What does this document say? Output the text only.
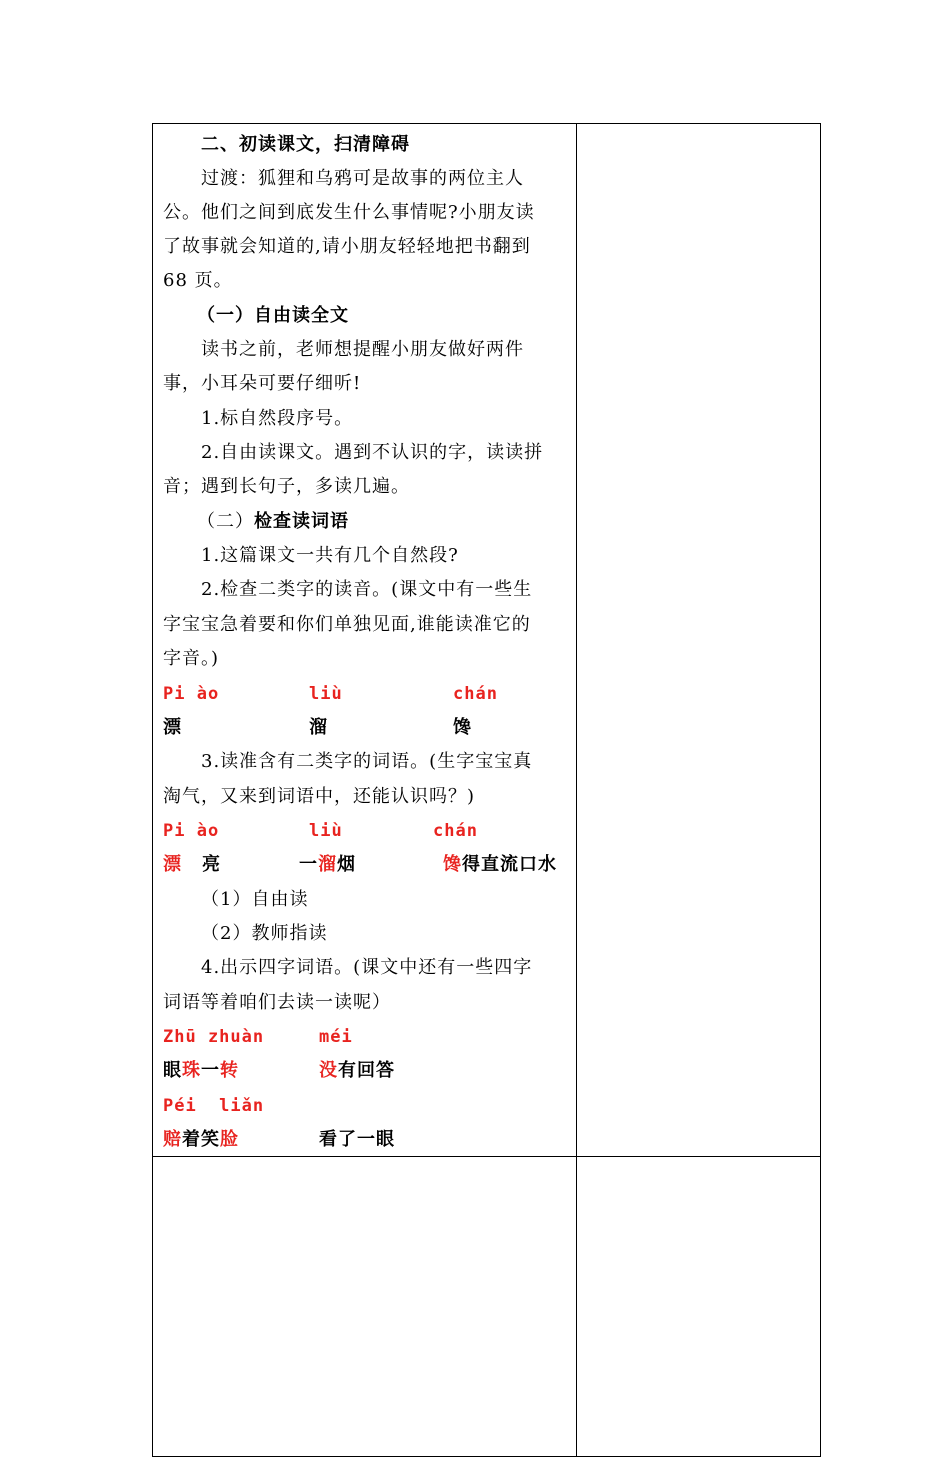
二、初读课文，扫清障碍
过渡：狐狸和乌鸦可是故事的两位主人
公。他们之间到底发生什么事情呢?小朋友读
了故事就会知道的,请小朋友轻轻地把书翻到
68 页。
（一）自由读全文
读书之前，老师想提醒小朋友做好两件
事，小耳朵可要仔细听!
1.标自然段序号。
2.自由读课文。遇到不认识的字，读读拼
音；遇到长句子，多读几遍。
（二）检查读词语
1.这篇课文一共有几个自然段?
2.检查二类字的读音。(课文中有一些生
字宝宝急着要和你们单独见面,谁能读准它的
字音。)
Pi ào	liù	chán
漂	溜	馋
3.读准含有二类字的词语。(生字宝宝真
淘气，又来到词语中，还能认识吗？)
Pi ào	liù	chán
漂 亮	一溜烟	馋得直流口水
（1）自由读
（2）教师指读
4.出示四字词语。(课文中还有一些四字
词语等着咱们去读一读呢）
Zhū zhuàn	méi
眼珠一转	没有回答
Péi  liǎn
赔着笑脸	看了一眼
